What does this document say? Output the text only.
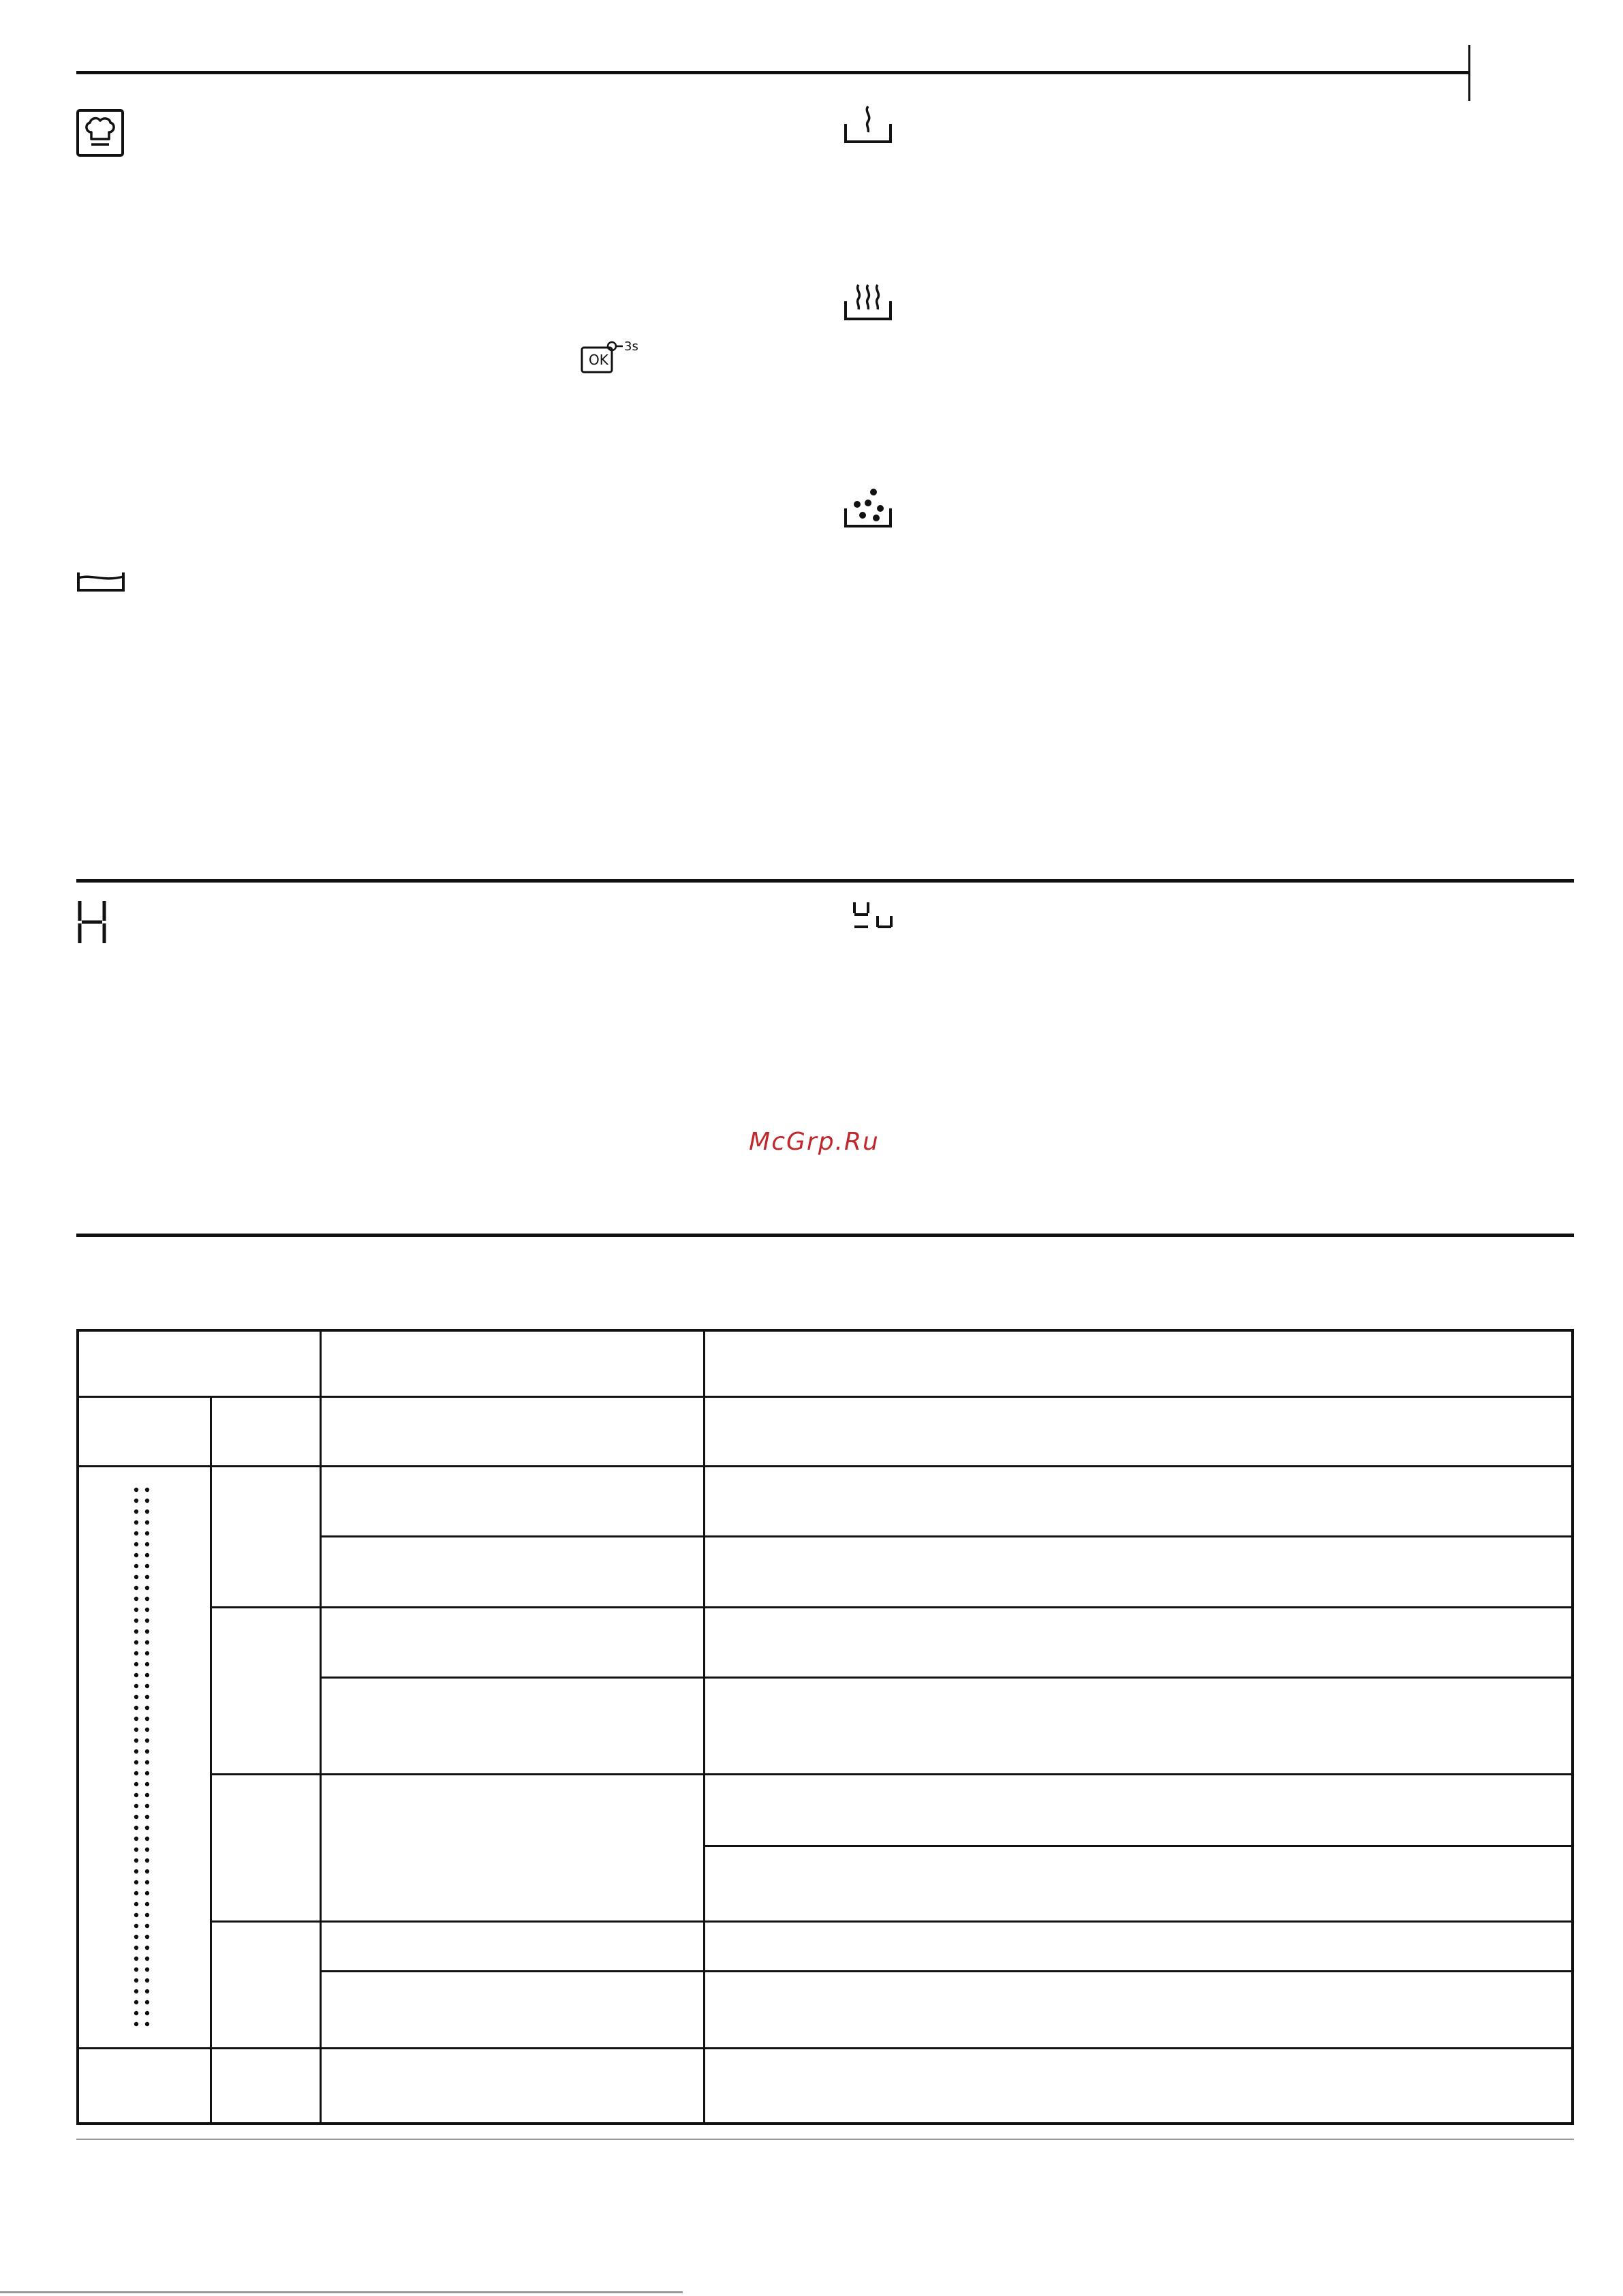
OK
3s
McGrp.Ru
